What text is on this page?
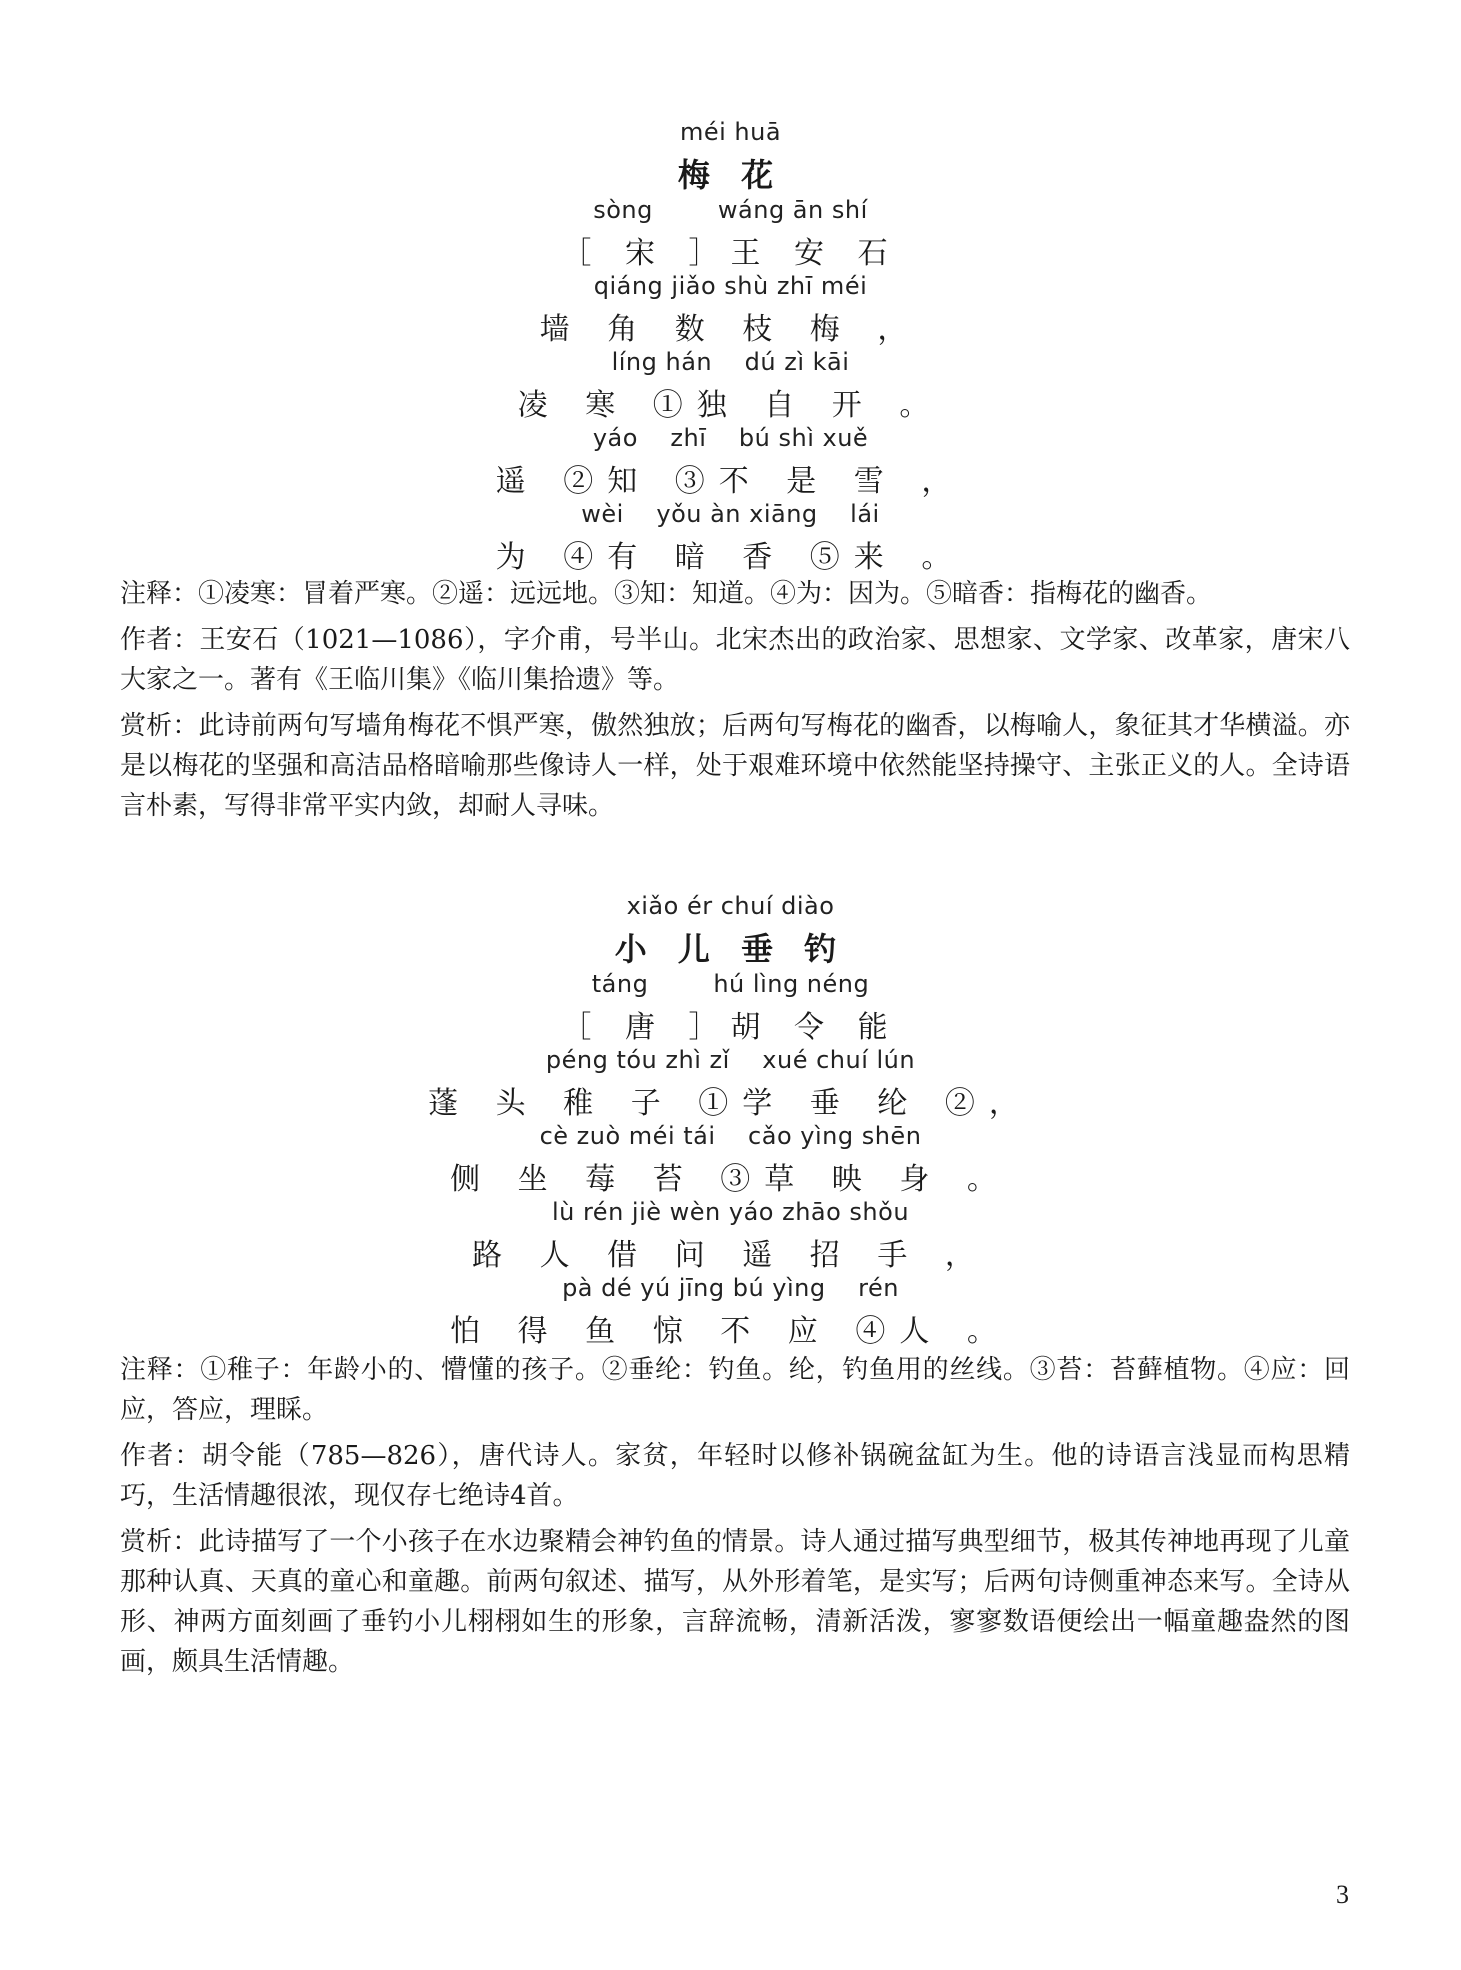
méi huā
梅 花
sòng        wáng ān shí
［ 宋 ］王 安 石
qiáng jiǎo shù zhī méi
墙 角 数 枝 梅 ，
líng hán    dú zì kāi
凌 寒 ①独 自 开 。
yáo    zhī    bú shì xuě
遥 ②知 ③不 是 雪 ，
wèi    yǒu àn xiāng    lái
为 ④有 暗 香 ⑤来 。

注释：①凌寒：冒着严寒。②遥：远远地。③知：知道。④为：因为。⑤暗香：指梅花的幽香。

作者：王安石（1021—1086），字介甫，号半山。北宋杰出的政治家、思想家、文学家、改革家，唐宋八大家之一。著有《王临川集》《临川集拾遗》等。

赏析：此诗前两句写墙角梅花不惧严寒，傲然独放；后两句写梅花的幽香，以梅喻人，象征其才华横溢。亦是以梅花的坚强和高洁品格暗喻那些像诗人一样，处于艰难环境中依然能坚持操守、主张正义的人。全诗语言朴素，写得非常平实内敛，却耐人寻味。

xiǎo ér chuí diào
小 儿 垂 钓
táng        hú lìng néng
［ 唐 ］胡 令 能
péng tóu zhì zǐ    xué chuí lún
蓬 头 稚 子 ①学 垂 纶 ②，
cè zuò méi tái    cǎo yìng shēn
侧 坐 莓 苔 ③草 映 身 。
lù rén jiè wèn yáo zhāo shǒu
路 人 借 问 遥 招 手 ，
pà dé yú jīng bú yìng    rén
怕 得 鱼 惊 不 应 ④人 。

注释：①稚子：年龄小的、懵懂的孩子。②垂纶：钓鱼。纶，钓鱼用的丝线。③苔：苔藓植物。④应：回应，答应，理睬。

作者：胡令能（785—826），唐代诗人。家贫，年轻时以修补锅碗盆缸为生。他的诗语言浅显而构思精巧，生活情趣很浓，现仅存七绝诗4首。

赏析：此诗描写了一个小孩子在水边聚精会神钓鱼的情景。诗人通过描写典型细节，极其传神地再现了儿童那种认真、天真的童心和童趣。前两句叙述、描写，从外形着笔，是实写；后两句诗侧重神态来写。全诗从形、神两方面刻画了垂钓小儿栩栩如生的形象，言辞流畅，清新活泼，寥寥数语便绘出一幅童趣盎然的图画，颇具生活情趣。

3
